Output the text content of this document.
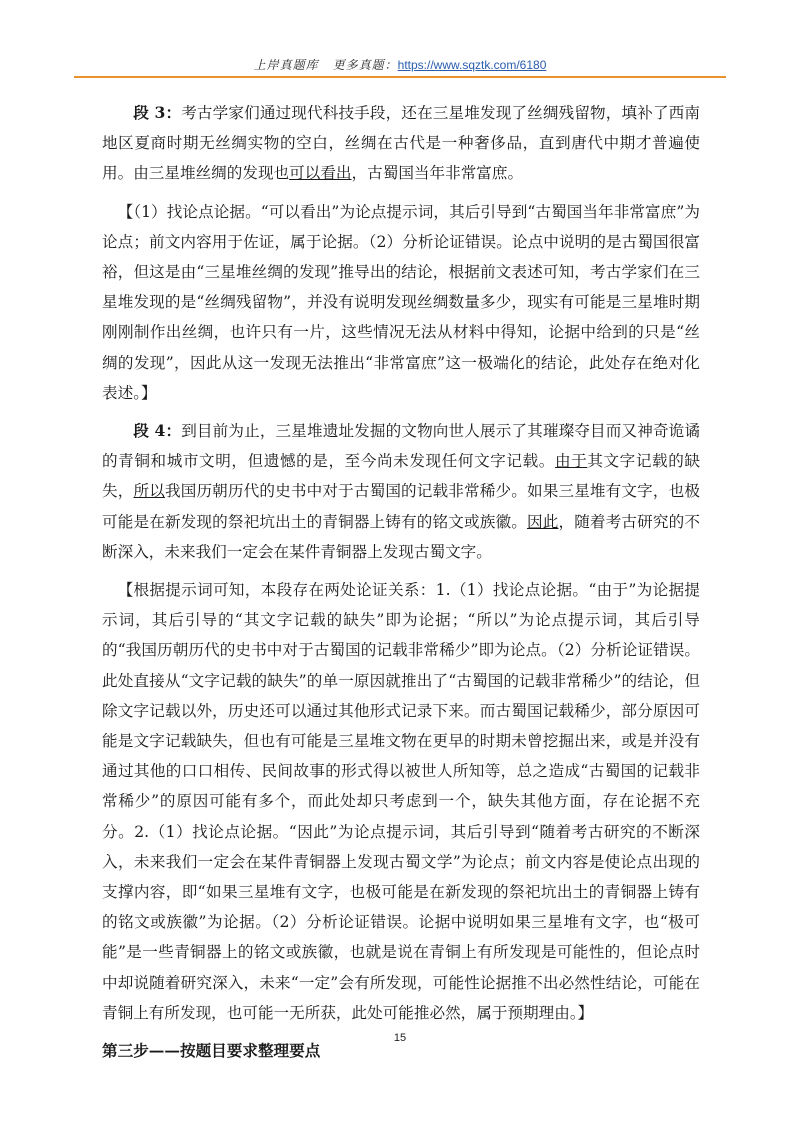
上岸真题库 更多真题： https://www.sqztk.com/6180

段 3：考古学家们通过现代科技手段，还在三星堆发现了丝绸残留物，填补了西南地区夏商时期无丝绸实物的空白，丝绸在古代是一种奢侈品，直到唐代中期才普遍使用。由三星堆丝绸的发现也可以看出，古蜀国当年非常富庶。

【（1）找论点论据。“可以看出”为论点提示词，其后引导到“古蜀国当年非常富庶”为论点；前文内容用于佐证，属于论据。（2）分析论证错误。论点中说明的是古蜀国很富裕，但这是由“三星堆丝绸的发现”推导出的结论，根据前文表述可知，考古学家们在三星堆发现的是“丝绸残留物”，并没有说明发现丝绸数量多少，现实有可能是三星堆时期刚刚制作出丝绸，也许只有一片，这些情况无法从材料中得知，论据中给到的只是“丝绸的发现”，因此从这一发现无法推出“非常富庶”这一极端化的结论，此处存在绝对化表述。】

段 4：到目前为止，三星堆遗址发掘的文物向世人展示了其璀璨夺目而又神奇诡谲的青铜和城市文明，但遗憾的是，至今尚未发现任何文字记载。由于其文字记载的缺失，所以我国历朝历代的史书中对于古蜀国的记载非常稀少。如果三星堆有文字，也极可能是在新发现的祭祀坑出土的青铜器上铸有的铭文或族徽。因此，随着考古研究的不断深入，未来我们一定会在某件青铜器上发现古蜀文字。

【根据提示词可知，本段存在两处论证关系：1.（1）找论点论据。“由于”为论据提示词，其后引导的“其文字记载的缺失”即为论据；“所以”为论点提示词，其后引导的“我国历朝历代的史书中对于古蜀国的记载非常稀少”即为论点。（2）分析论证错误。此处直接从“文字记载的缺失”的单一原因就推出了“古蜀国的记载非常稀少”的结论，但除文字记载以外，历史还可以通过其他形式记录下来。而古蜀国记载稀少，部分原因可能是文字记载缺失，但也有可能是三星堆文物在更早的时期未曾挖掘出来，或是并没有通过其他的口口相传、民间故事的形式得以被世人所知等，总之造成“古蜀国的记载非常稀少”的原因可能有多个，而此处却只考虑到一个，缺失其他方面，存在论据不充分。2.（1）找论点论据。“因此”为论点提示词，其后引导到“随着考古研究的不断深入，未来我们一定会在某件青铜器上发现古蜀文学”为论点；前文内容是使论点出现的支撑内容，即“如果三星堆有文字，也极可能是在新发现的祭祀坑出土的青铜器上铸有的铭文或族徽”为论据。（2）分析论证错误。论据中说明如果三星堆有文字，也“极可能”是一些青铜器上的铭文或族徽，也就是说在青铜上有所发现是可能性的，但论点时中却说随着研究深入，未来“一定”会有所发现，可能性论据推不出必然性结论，可能在青铜上有所发现，也可能一无所获，此处可能推必然，属于预期理由。】

第三步——按题目要求整理要点

15
